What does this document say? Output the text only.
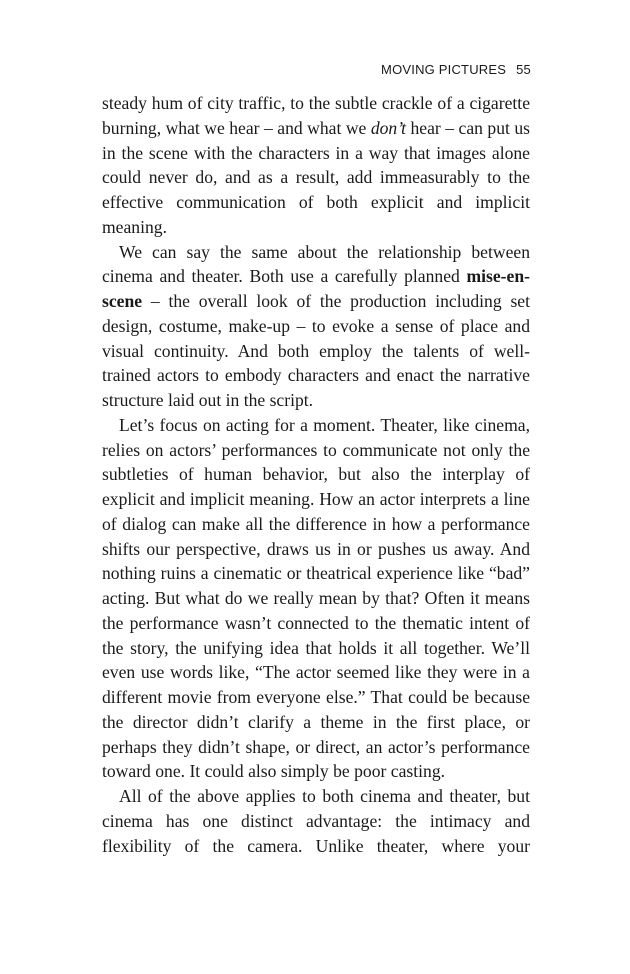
MOVING PICTURES 55

steady hum of city traffic, to the subtle crackle of a cigarette burning, what we hear – and what we don’t hear – can put us in the scene with the characters in a way that images alone could never do, and as a result, add immeasurably to the effective communication of both explicit and implicit meaning.

We can say the same about the relationship between cinema and theater. Both use a carefully planned mise-en-scene – the overall look of the production including set design, costume, make-up – to evoke a sense of place and visual continuity. And both employ the talents of well-trained actors to embody characters and enact the narrative structure laid out in the script.

Let’s focus on acting for a moment. Theater, like cinema, relies on actors’ performances to communicate not only the subtleties of human behavior, but also the interplay of explicit and implicit meaning. How an actor interprets a line of dialog can make all the difference in how a performance shifts our perspective, draws us in or pushes us away. And nothing ruins a cinematic or theatrical experience like “bad” acting. But what do we really mean by that? Often it means the performance wasn’t connected to the thematic intent of the story, the unifying idea that holds it all together. We’ll even use words like, “The actor seemed like they were in a different movie from everyone else.” That could be because the director didn’t clarify a theme in the first place, or perhaps they didn’t shape, or direct, an actor’s performance toward one. It could also simply be poor casting.

All of the above applies to both cinema and theater, but cinema has one distinct advantage: the intimacy and flexibility of the camera. Unlike theater, where your
